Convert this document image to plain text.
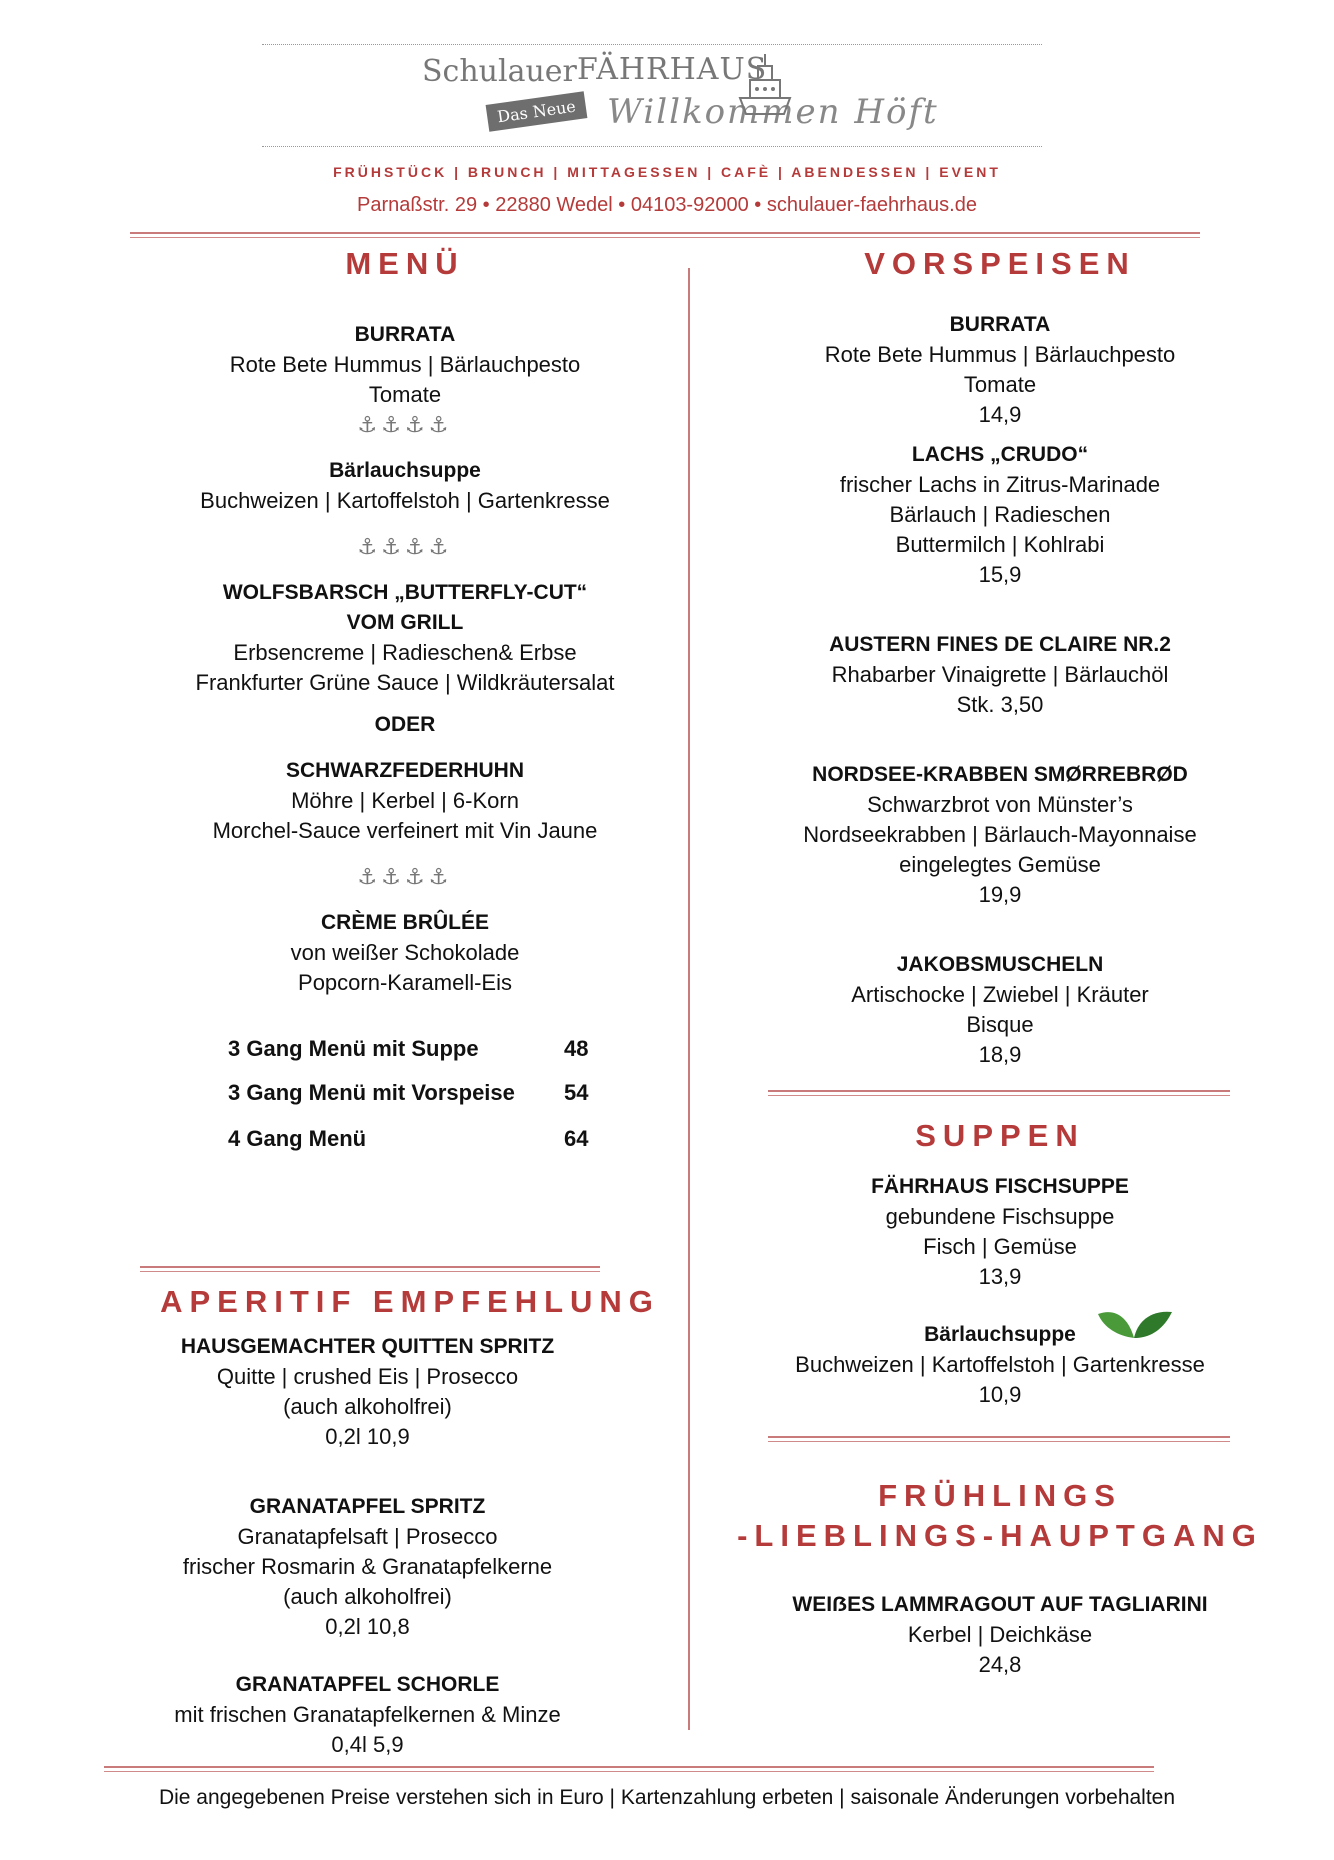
Schulauer FÄHRHAUS
Das Neue Willkommen Höft
FRÜHSTÜCK | BRUNCH | MITTAGESSEN | CAFÈ | ABENDESSEN | EVENT
Parnaßstr. 29 • 22880 Wedel • 04103-92000 • schulauer-faehrhaus.de
MENÜ
BURRATA
Rote Bete Hummus | Bärlauchpesto
Tomate
⚓⚓⚓⚓
Bärlauchsuppe
Buchweizen | Kartoffelstoh | Gartenkresse
⚓⚓⚓⚓
WOLFSBARSCH „BUTTERFLY-CUT“
VOM GRILL
Erbsencreme | Radieschen& Erbse
Frankfurter Grüne Sauce | Wildkräutersalat
ODER
SCHWARZFEDERHUHN
Möhre | Kerbel | 6-Korn
Morchel-Sauce verfeinert mit Vin Jaune
⚓⚓⚓⚓
CRÈME BRÛLÉE
von weißer Schokolade
Popcorn-Karamell-Eis
3 Gang Menü mit Suppe	48
3 Gang Menü mit Vorspeise 54
4 Gang Menü	64
APERITIF EMPFEHLUNG
HAUSGEMACHTER QUITTEN SPRITZ
Quitte | crushed Eis | Prosecco
(auch alkoholfrei)
0,2l 10,9
GRANATAPFEL SPRITZ
Granatapfelsaft | Prosecco
frischer Rosmarin & Granatapfelkerne
(auch alkoholfrei)
0,2l 10,8
GRANATAPFEL SCHORLE
mit frischen Granatapfelkernen & Minze
0,4l 5,9
VORSPEISEN
BURRATA
Rote Bete Hummus | Bärlauchpesto
Tomate
14,9
LACHS „CRUDO“
frischer Lachs in Zitrus-Marinade
Bärlauch | Radieschen
Buttermilch | Kohlrabi
15,9
AUSTERN FINES DE CLAIRE NR.2
Rhabarber Vinaigrette | Bärlauchöl
Stk. 3,50
NORDSEE-KRABBEN SMØRREBRØD
Schwarzbrot von Münster’s
Nordseekrabben | Bärlauch-Mayonnaise
eingelegtes Gemüse
19,9
JAKOBSMUSCHELN
Artischocke | Zwiebel | Kräuter
Bisque
18,9
SUPPEN
FÄHRHAUS FISCHSUPPE
gebundene Fischsuppe
Fisch | Gemüse
13,9
Bärlauchsuppe
Buchweizen | Kartoffelstoh | Gartenkresse
10,9
FRÜHLINGS
-LIEBLINGS-HAUPTGANG
WEIẞES LAMMRAGOUT AUF TAGLIARINI
Kerbel | Deichkäse
24,8
Die angegebenen Preise verstehen sich in Euro | Kartenzahlung erbeten | saisonale Änderungen vorbehalten
